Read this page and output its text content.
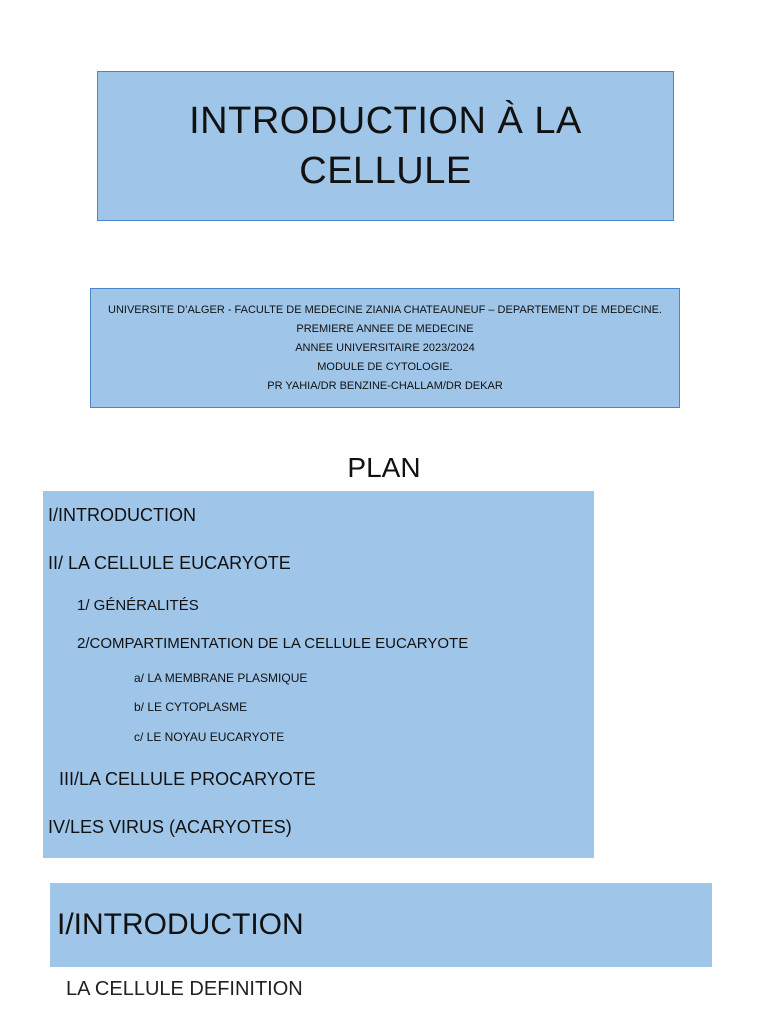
INTRODUCTION À LA
CELLULE
UNIVERSITE D’ALGER - FACULTE DE MEDECINE ZIANIA CHATEAUNEUF – DEPARTEMENT DE MEDECINE.
PREMIERE ANNEE DE MEDECINE
ANNEE UNIVERSITAIRE 2023/2024
MODULE DE CYTOLOGIE.
PR YAHIA/DR BENZINE-CHALLAM/DR DEKAR
PLAN
I/INTRODUCTION
II/ LA CELLULE EUCARYOTE
1/ GÉNÉRALITÉS
2/COMPARTIMENTATION DE LA CELLULE EUCARYOTE
a/ LA MEMBRANE PLASMIQUE
b/ LE CYTOPLASME
c/ LE NOYAU EUCARYOTE
III/LA CELLULE PROCARYOTE
IV/LES VIRUS (ACARYOTES)
I/INTRODUCTION
LA CELLULE DEFINITION
